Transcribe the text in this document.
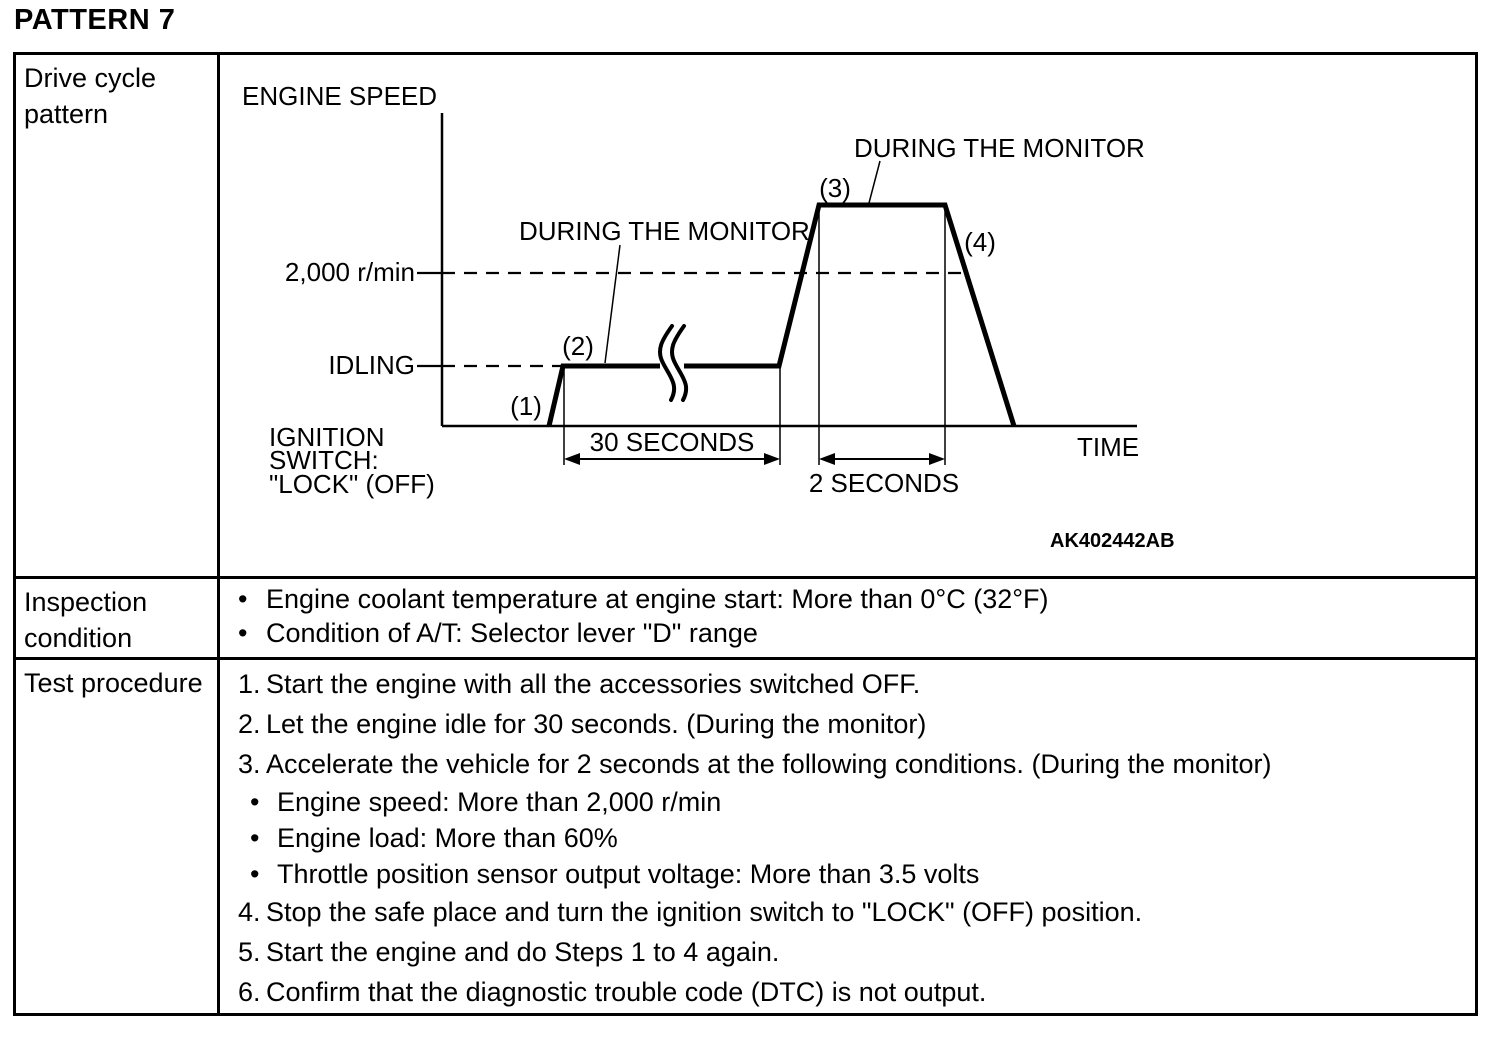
PATTERN 7
Drive cycle pattern
ENGINE SPEED
TIME
2,000 r/min
IDLING
30 SECONDS
2 SECONDS
DURING THE MONITOR
DURING THE MONITOR
(1)
(2)
(3)
(4)
IGNITION
SWITCH:
"LOCK" (OFF)
AK402442AB
Inspection condition
• Engine coolant temperature at engine start: More than 0°C (32°F)
• Condition of A/T: Selector lever "D" range
Test procedure	1. Start the engine with all the accessories switched OFF.
2. Let the engine idle for 30 seconds. (During the monitor)
3. Accelerate the vehicle for 2 seconds at the following conditions. (During the monitor)
• Engine speed: More than 2,000 r/min
• Engine load: More than 60%
• Throttle position sensor output voltage: More than 3.5 volts
4. Stop the safe place and turn the ignition switch to "LOCK" (OFF) position.
5. Start the engine and do Steps 1 to 4 again.
6. Confirm that the diagnostic trouble code (DTC) is not output.
